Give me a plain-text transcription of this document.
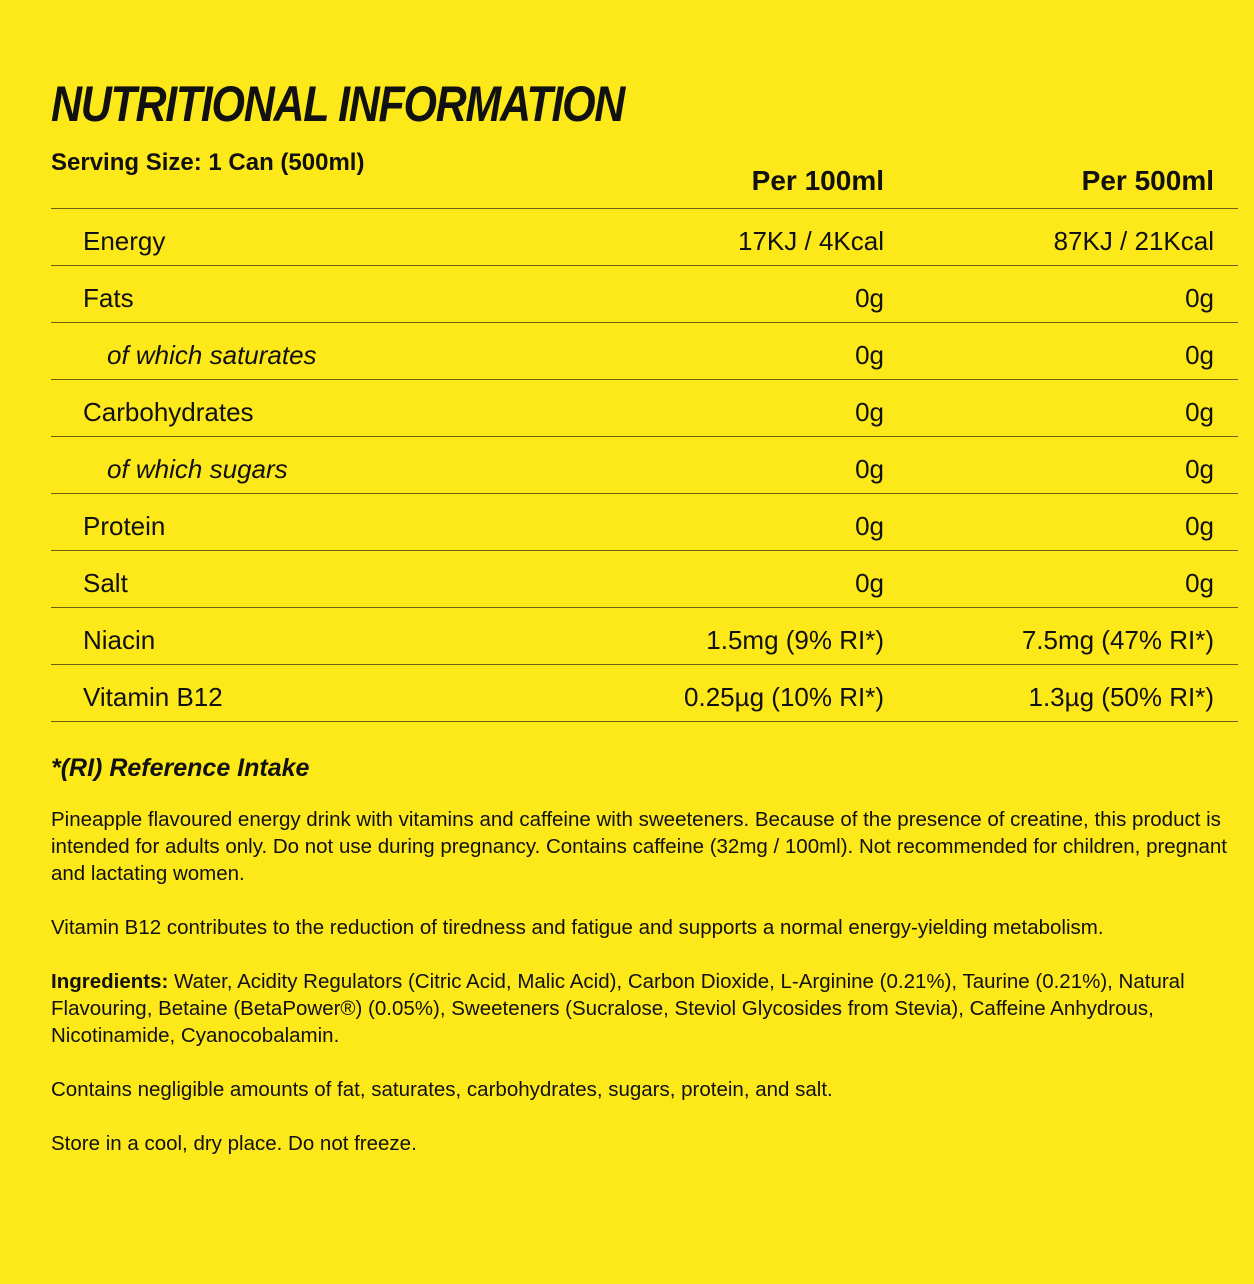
NUTRITIONAL INFORMATION
Serving Size: 1 Can (500ml)
Per 100ml	Per 500ml
Energy	17KJ / 4Kcal	87KJ / 21Kcal
Fats	0g	0g
of which saturates	0g	0g
Carbohydrates	0g	0g
of which sugars	0g	0g
Protein	0g	0g
Salt	0g	0g
Niacin	1.5mg (9% RI*)	7.5mg (47% RI*)
Vitamin B12	0.25µg (10% RI*)	1.3µg (50% RI*)
*(RI) Reference Intake

Pineapple flavoured energy drink with vitamins and caffeine with sweeteners. Because of the presence of creatine, this product is intended for adults only. Do not use during pregnancy. Contains caffeine (32mg / 100ml). Not recommended for children, pregnant and lactating women.

Vitamin B12 contributes to the reduction of tiredness and fatigue and supports a normal energy-yielding metabolism.

Ingredients: Water, Acidity Regulators (Citric Acid, Malic Acid), Carbon Dioxide, L-Arginine (0.21%), Taurine (0.21%), Natural Flavouring, Betaine (BetaPower®) (0.05%), Sweeteners (Sucralose, Steviol Glycosides from Stevia), Caffeine Anhydrous, Nicotinamide, Cyanocobalamin.

Contains negligible amounts of fat, saturates, carbohydrates, sugars, protein, and salt.

Store in a cool, dry place. Do not freeze.
